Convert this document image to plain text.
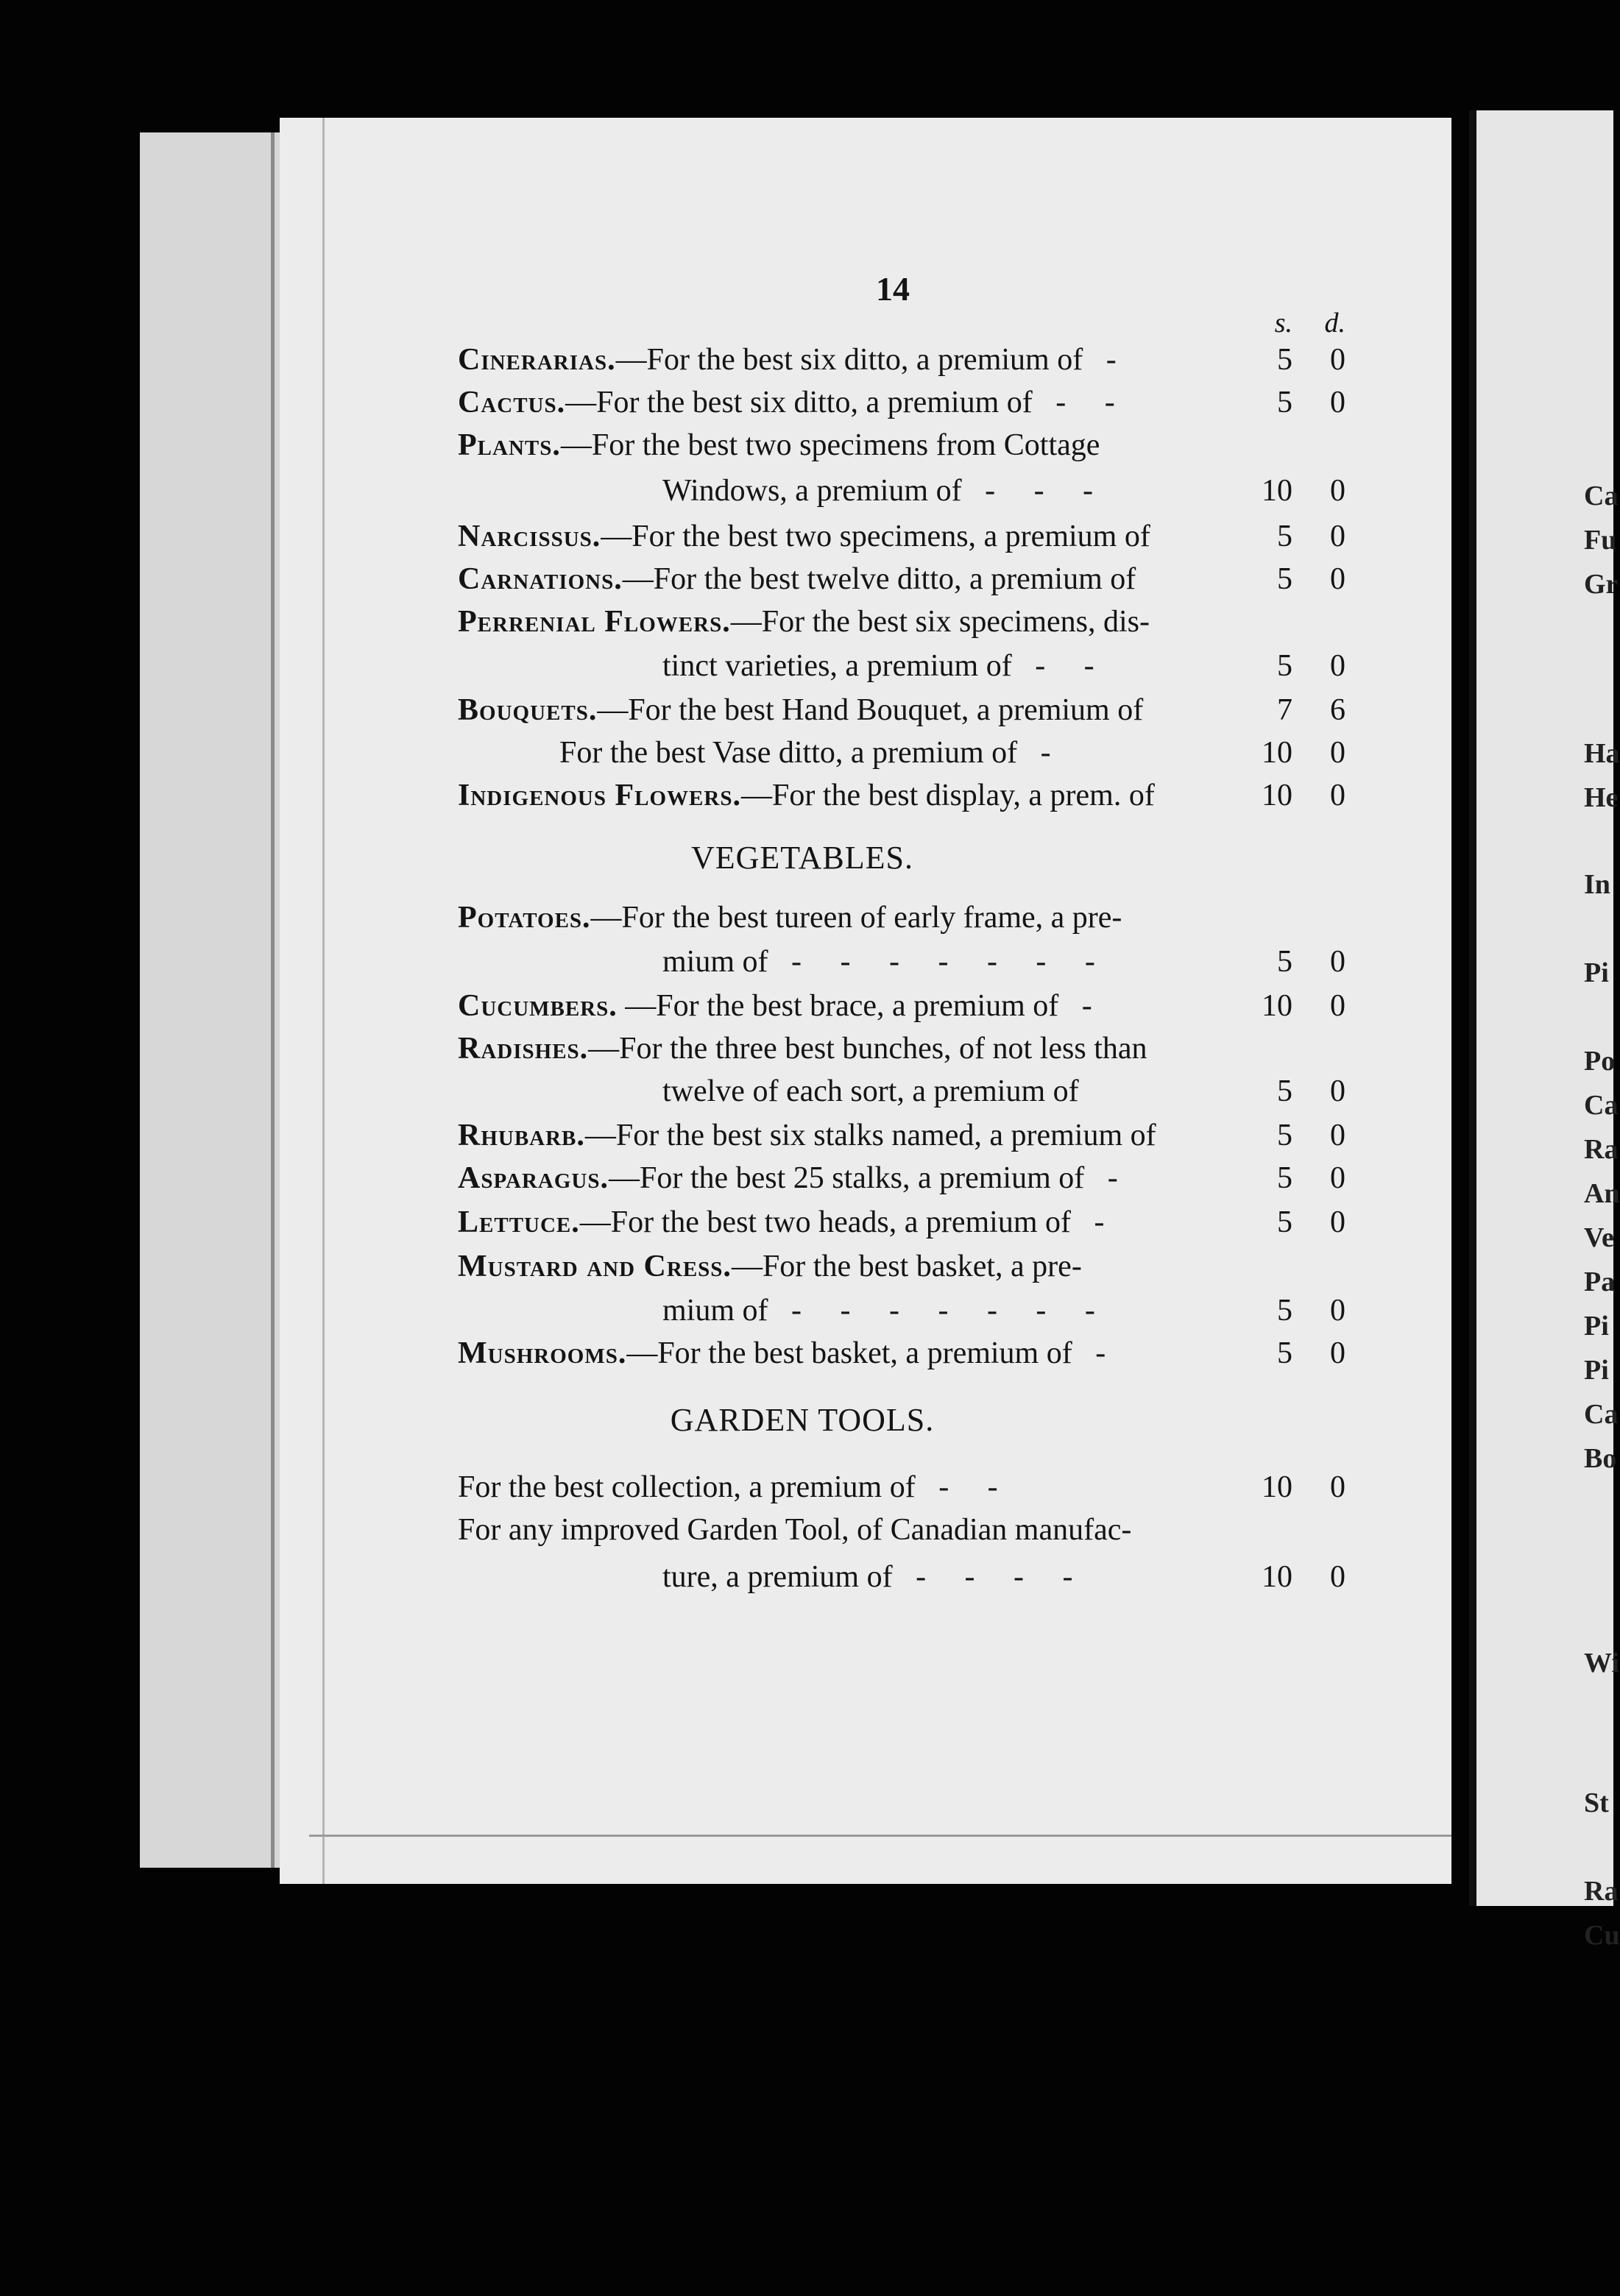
Ca
Fu
Gr
Ha
He
In
Pi
Po
Ca
Ra
An
Ve
Pa
Pi
Pi
Ca
Bo
Wi
St
Ra
Cu
14
s.	d.
Cinerarias.—For the best six ditto, a premium of   -	5	0
Cactus.—For the best six ditto, a premium of   -     -	5	0
Plants.—For the best two specimens from Cottage
Windows, a premium of   -     -     -	10	0
Narcissus.—For the best two specimens, a premium of	5	0
Carnations.—For the best twelve ditto, a premium of	5	0
Perrenial Flowers.—For the best six specimens, dis-
tinct varieties, a premium of   -     -	5	0
Bouquets.—For the best Hand Bouquet, a premium of	7	6
For the best Vase ditto, a premium of   -	10	0
Indigenous Flowers.—For the best display, a prem. of	10	0
VEGETABLES.
Potatoes.—For the best tureen of early frame, a pre-
mium of   -     -     -     -     -     -     -	5	0
Cucumbers. —For the best brace, a premium of   -	10	0
Radishes.—For the three best bunches, of not less than
twelve of each sort, a premium of	5	0
Rhubarb.—For the best six stalks named, a premium of	5	0
Asparagus.—For the best 25 stalks, a premium of   -	5	0
Lettuce.—For the best two heads, a premium of   -	5	0
Mustard and Cress.—For the best basket, a pre-
mium of   -     -     -     -     -     -     -	5	0
Mushrooms.—For the best basket, a premium of   -	5	0
GARDEN TOOLS.
For the best collection, a premium of   -     -	10	0
For any improved Garden Tool, of Canadian manufac-
ture, a premium of   -     -     -     -	10	0
